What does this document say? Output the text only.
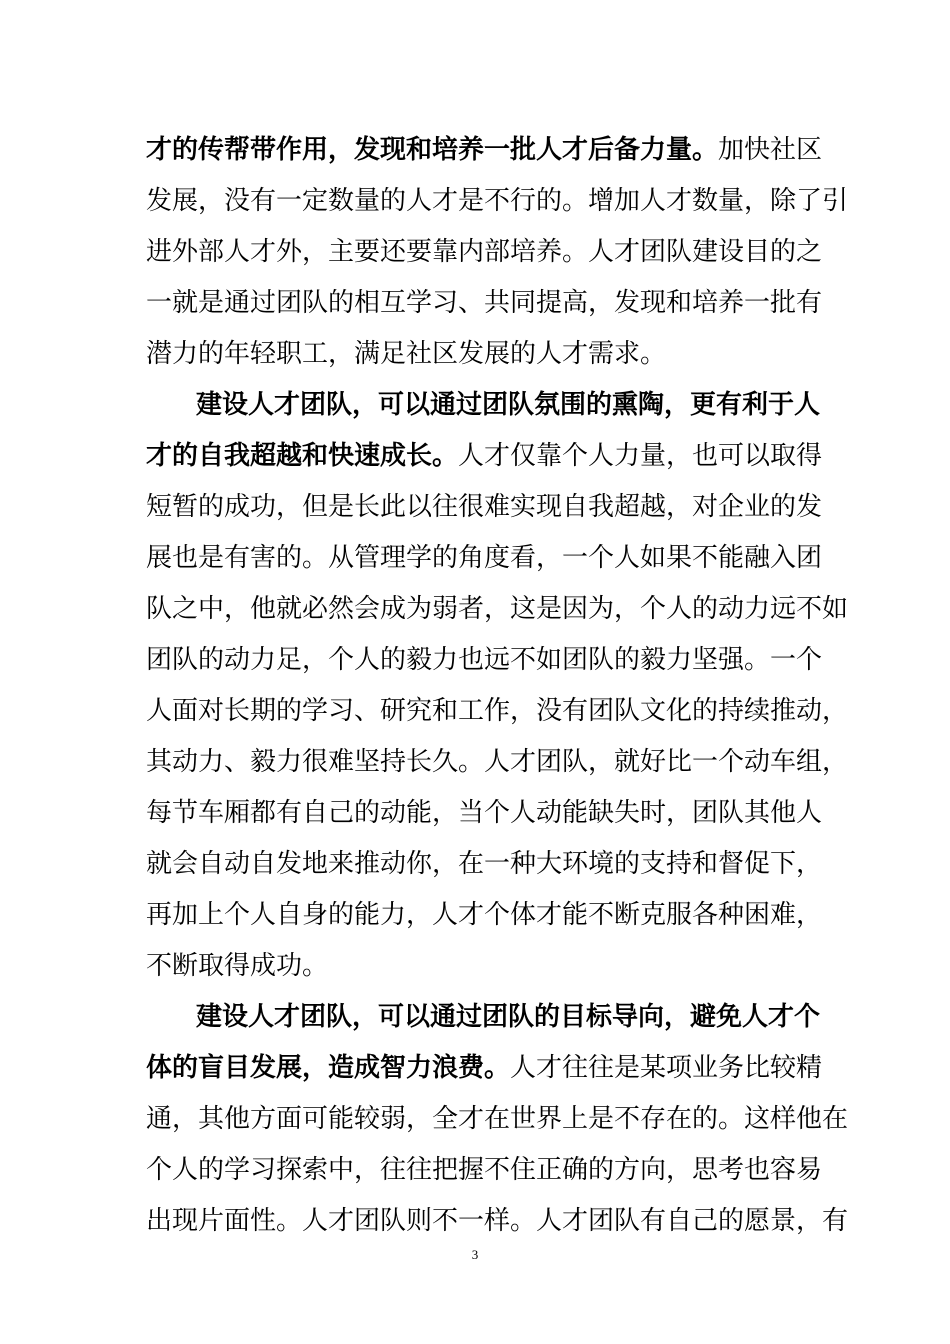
才的传帮带作用，发现和培养一批人才后备力量。加快社区
发展，没有一定数量的人才是不行的。增加人才数量，除了引
进外部人才外，主要还要靠内部培养。人才团队建设目的之
一就是通过团队的相互学习、共同提高，发现和培养一批有
潜力的年轻职工，满足社区发展的人才需求。
建设人才团队，可以通过团队氛围的熏陶，更有利于人
才的自我超越和快速成长。人才仅靠个人力量，也可以取得
短暂的成功，但是长此以往很难实现自我超越，对企业的发
展也是有害的。从管理学的角度看，一个人如果不能融入团
队之中，他就必然会成为弱者，这是因为，个人的动力远不如
团队的动力足，个人的毅力也远不如团队的毅力坚强。一个
人面对长期的学习、研究和工作，没有团队文化的持续推动，
其动力、毅力很难坚持长久。人才团队，就好比一个动车组，
每节车厢都有自己的动能，当个人动能缺失时，团队其他人
就会自动自发地来推动你，在一种大环境的支持和督促下，
再加上个人自身的能力，人才个体才能不断克服各种困难，
不断取得成功。
建设人才团队，可以通过团队的目标导向，避免人才个
体的盲目发展，造成智力浪费。人才往往是某项业务比较精
通，其他方面可能较弱，全才在世界上是不存在的。这样他在
个人的学习探索中，往往把握不住正确的方向，思考也容易
出现片面性。人才团队则不一样。人才团队有自己的愿景，有
3
